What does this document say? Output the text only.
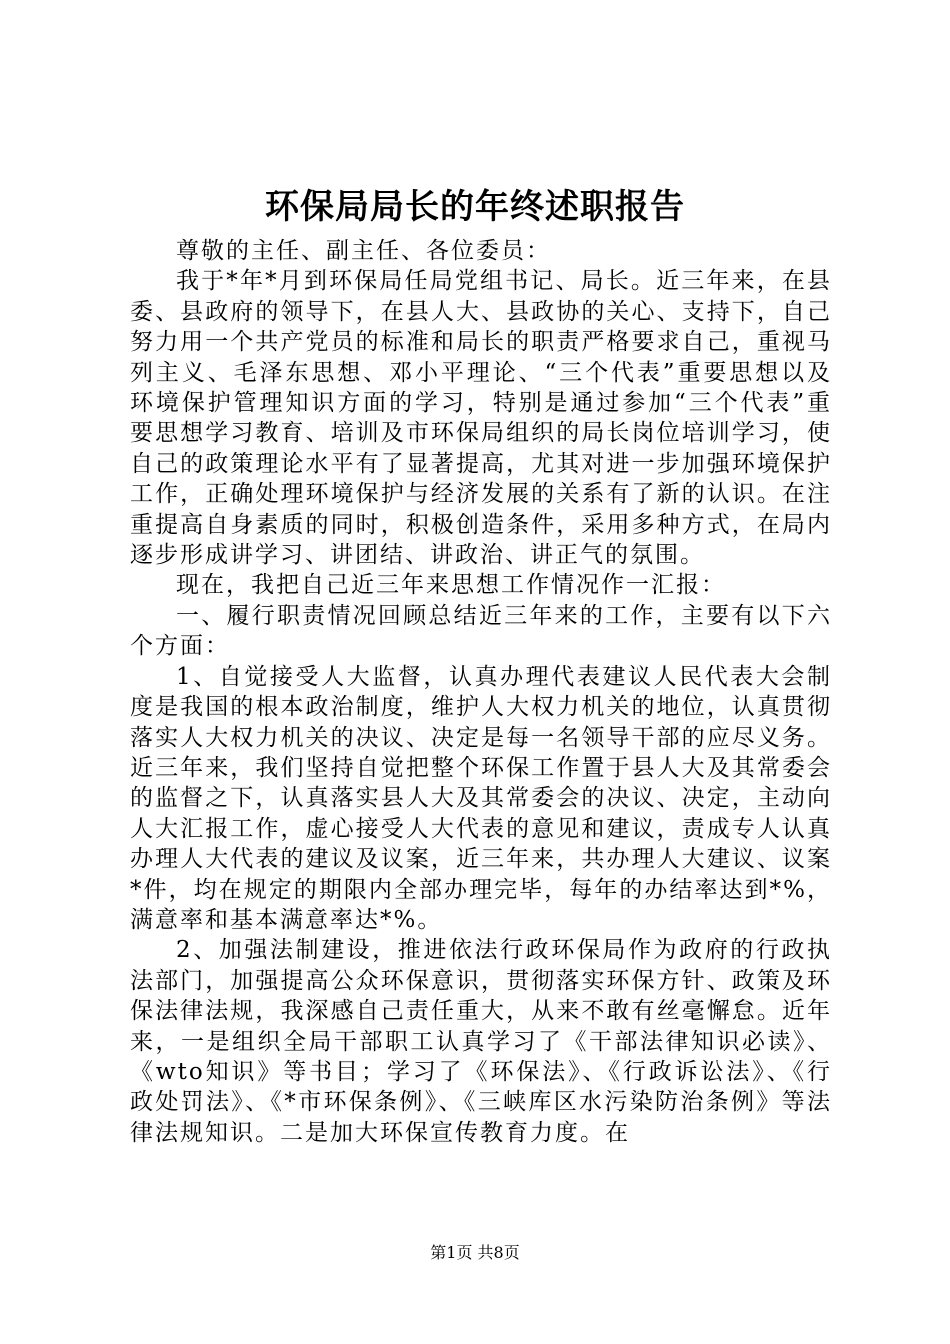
环保局局长的年终述职报告

尊敬的主任、副主任、各位委员：

我于*年*月到环保局任局党组书记、局长。近三年来，在县委、县政府的领导下，在县人大、县政协的关心、支持下，自己努力用一个共产党员的标准和局长的职责严格要求自己，重视马列主义、毛泽东思想、邓小平理论、“三个代表”重要思想以及环境保护管理知识方面的学习，特别是通过参加“三个代表”重要思想学习教育、培训及市环保局组织的局长岗位培训学习，使自己的政策理论水平有了显著提高，尤其对进一步加强环境保护工作，正确处理环境保护与经济发展的关系有了新的认识。在注重提高自身素质的同时，积极创造条件，采用多种方式，在局内逐步形成讲学习、讲团结、讲政治、讲正气的氛围。

现在，我把自己近三年来思想工作情况作一汇报：

一、履行职责情况回顾总结近三年来的工作，主要有以下六个方面：

1、自觉接受人大监督，认真办理代表建议人民代表大会制度是我国的根本政治制度，维护人大权力机关的地位，认真贯彻落实人大权力机关的决议、决定是每一名领导干部的应尽义务。近三年来，我们坚持自觉把整个环保工作置于县人大及其常委会的监督之下，认真落实县人大及其常委会的决议、决定，主动向人大汇报工作，虚心接受人大代表的意见和建议，责成专人认真办理人大代表的建议及议案，近三年来，共办理人大建议、议案*件，均在规定的期限内全部办理完毕，每年的办结率达到*%，满意率和基本满意率达*%。

2、加强法制建设，推进依法行政环保局作为政府的行政执法部门，加强提高公众环保意识，贯彻落实环保方针、政策及环保法律法规，我深感自己责任重大，从来不敢有丝毫懈怠。近年来，一是组织全局干部职工认真学习了《干部法律知识必读》、《wto知识》等书目；学习了《环保法》、《行政诉讼法》、《行政处罚法》、《*市环保条例》、《三峡库区水污染防治条例》等法律法规知识。二是加大环保宣传教育力度。在

第1页 共8页
